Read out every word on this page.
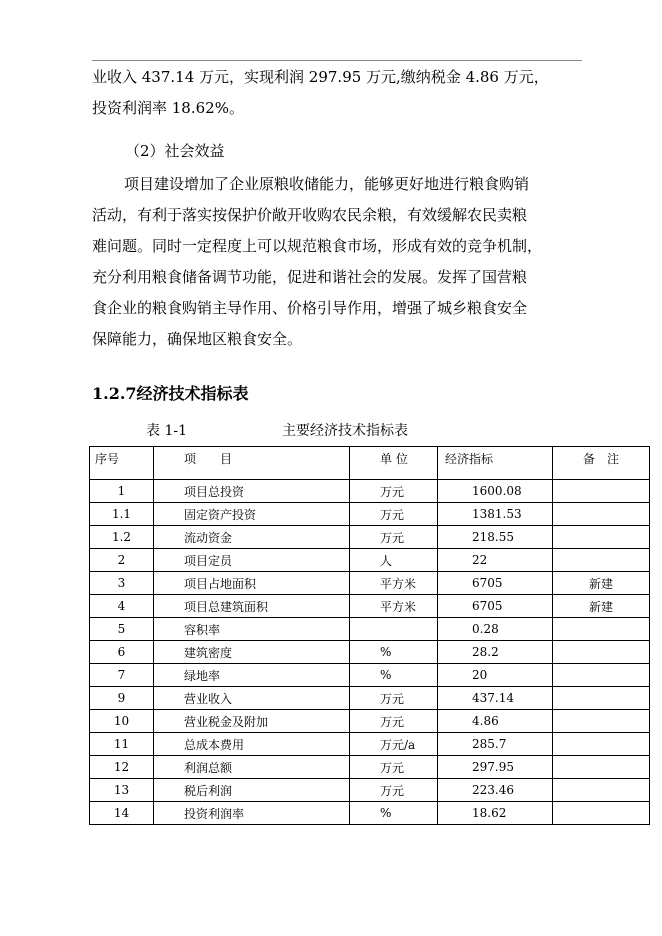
业收入 437.14 万元，实现利润 297.95 万元,缴纳税金 4.86 万元，
投资利润率 18.62%。

（2）社会效益

项目建设增加了企业原粮收储能力，能够更好地进行粮食购销
活动，有利于落实按保护价敞开收购农民余粮，有效缓解农民卖粮
难问题。同时一定程度上可以规范粮食市场，形成有效的竞争机制，
充分利用粮食储备调节功能，促进和谐社会的发展。发挥了国营粮
食企业的粮食购销主导作用、价格引导作用，增强了城乡粮食安全
保障能力，确保地区粮食安全。

1.2.7经济技术指标表
表 1-1	主要经济技术指标表
序号	项　　目	单 位	经济指标	备　注
1	项目总投资	万元	1600.08	
1.1	固定资产投资	万元	1381.53	
1.2	流动资金	万元	218.55	
2	项目定员	人	22	
3	项目占地面积	平方米	6705	新建
4	项目总建筑面积	平方米	6705	新建
5	容积率		0.28	
6	建筑密度	%	28.2	
7	绿地率	%	20	
9	营业收入	万元	437.14	
10	营业税金及附加	万元	4.86	
11	总成本费用	万元/a	285.7	
12	利润总额	万元	297.95	
13	税后利润	万元	223.46	
14	投资利润率	%	18.62	
